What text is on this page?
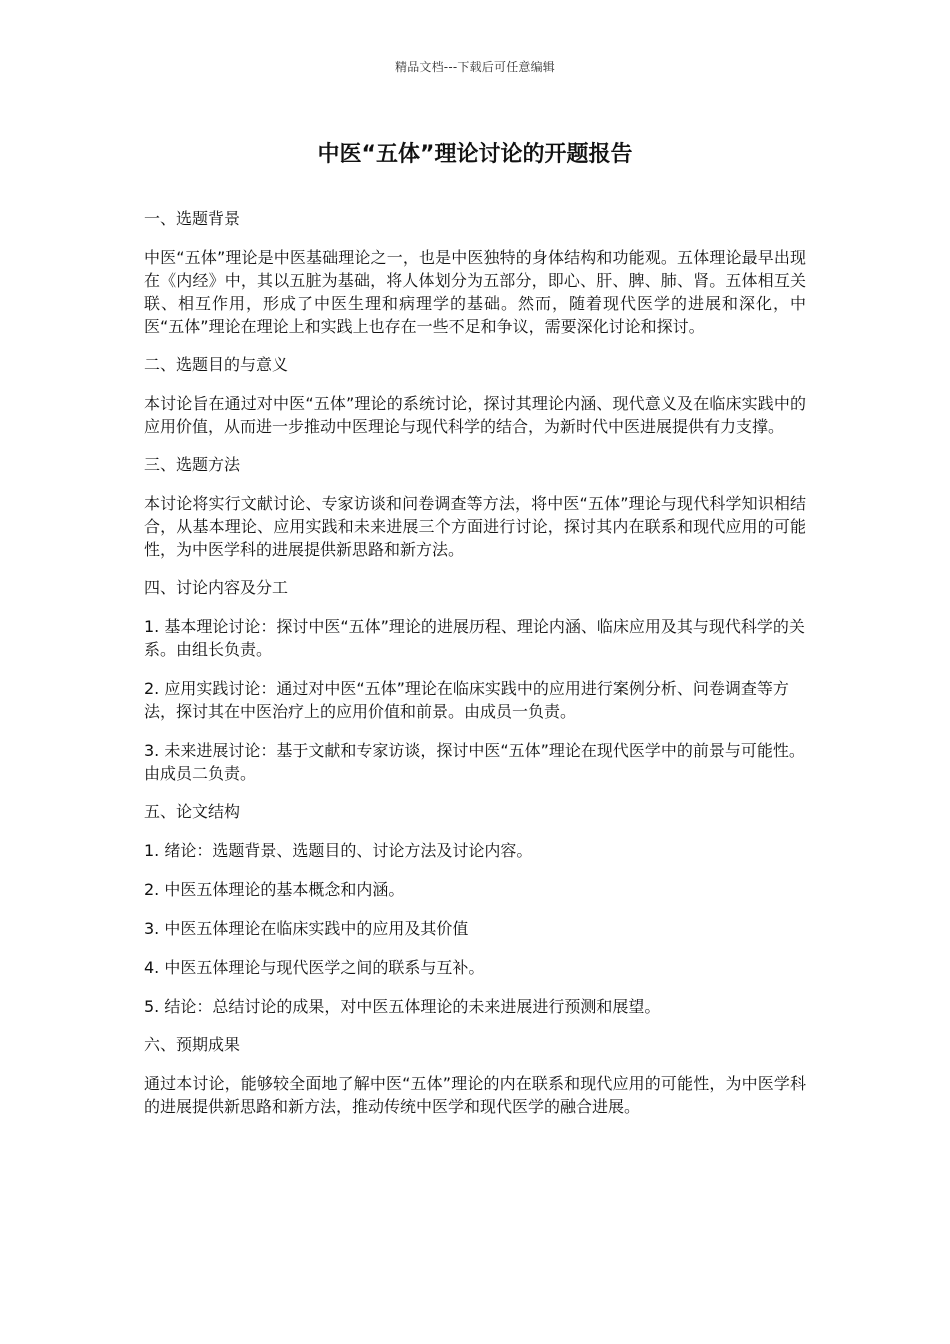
精品文档---下载后可任意编辑
中医“五体”理论讨论的开题报告

一、选题背景

中医“五体”理论是中医基础理论之一，也是中医独特的身体结构和功能观。五体理论最早出现在《内经》中，其以五脏为基础，将人体划分为五部分，即心、肝、脾、肺、肾。五体相互关联、相互作用，形成了中医生理和病理学的基础。然而，随着现代医学的进展和深化，中医“五体”理论在理论上和实践上也存在一些不足和争议，需要深化讨论和探讨。

二、选题目的与意义

本讨论旨在通过对中医“五体”理论的系统讨论，探讨其理论内涵、现代意义及在临床实践中的应用价值，从而进一步推动中医理论与现代科学的结合，为新时代中医进展提供有力支撑。

三、选题方法

本讨论将实行文献讨论、专家访谈和问卷调查等方法，将中医“五体”理论与现代科学知识相结合，从基本理论、应用实践和未来进展三个方面进行讨论，探讨其内在联系和现代应用的可能性，为中医学科的进展提供新思路和新方法。

四、讨论内容及分工

1. 基本理论讨论：探讨中医“五体”理论的进展历程、理论内涵、临床应用及其与现代科学的关系。由组长负责。

2. 应用实践讨论：通过对中医“五体”理论在临床实践中的应用进行案例分析、问卷调查等方法，探讨其在中医治疗上的应用价值和前景。由成员一负责。

3. 未来进展讨论：基于文献和专家访谈，探讨中医“五体”理论在现代医学中的前景与可能性。由成员二负责。

五、论文结构

1. 绪论：选题背景、选题目的、讨论方法及讨论内容。

2. 中医五体理论的基本概念和内涵。

3. 中医五体理论在临床实践中的应用及其价值

4. 中医五体理论与现代医学之间的联系与互补。

5. 结论：总结讨论的成果，对中医五体理论的未来进展进行预测和展望。

六、预期成果

通过本讨论，能够较全面地了解中医“五体”理论的内在联系和现代应用的可能性，为中医学科的进展提供新思路和新方法，推动传统中医学和现代医学的融合进展。
